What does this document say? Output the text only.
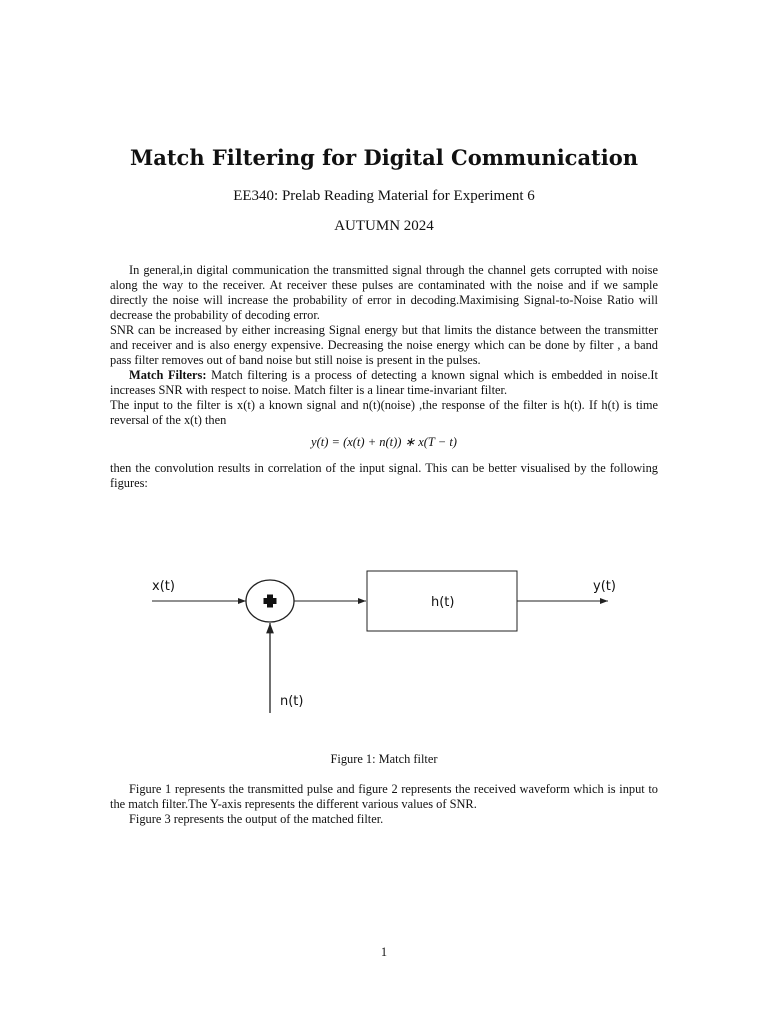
Match Filtering for Digital Communication
EE340: Prelab Reading Material for Experiment 6
AUTUMN 2024

In general,in digital communication the transmitted signal through the channel gets corrupted with noise along the way to the receiver. At receiver these pulses are contaminated with the noise and if we sample directly the noise will increase the probability of error in decoding.Maximising Signal-to-Noise Ratio will decrease the probability of decoding error.

SNR can be increased by either increasing Signal energy but that limits the distance between the transmitter and receiver and is also energy expensive. Decreasing the noise energy which can be done by filter , a band pass filter removes out of band noise but still noise is present in the pulses.

Match Filters: Match filtering is a process of detecting a known signal which is embedded in noise.It increases SNR with respect to noise. Match filter is a linear time-invariant filter.

The input to the filter is x(t) a known signal and n(t)(noise) ,the response of the filter is h(t). If h(t) is time reversal of the x(t) then

y(t) = (x(t) + n(t)) ∗ x(T − t)

then the convolution results in correlation of the input signal. This can be better visualised by the following figures:

x(t)
n(t)
h(t)
y(t)
Figure 1: Match filter

Figure 1 represents the transmitted pulse and figure 2 represents the received waveform which is input to the match filter.The Y-axis represents the different various values of SNR.

Figure 3 represents the output of the matched filter.

1
